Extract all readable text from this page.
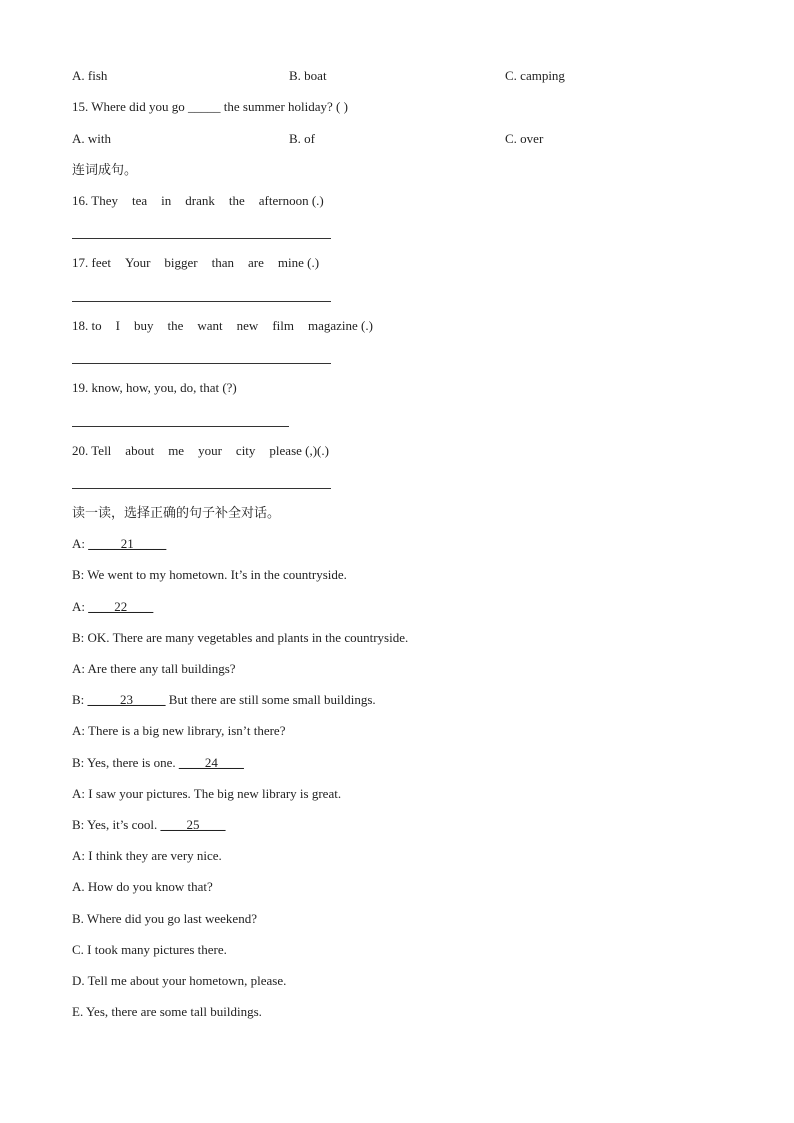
A. fish	B. boat	C. camping
15. Where did you go _____ the summer holiday? ( )
A. with	B. of	C. over
连词成句。
16. They tea in drank the afternoon (.)
17. feet Your bigger than are mine (.)
18. to I buy the want new film magazine (.)
19. know, how, you, do, that (?)
20. Tell about me your city please (,)(.)
读一读，选择正确的句子补全对话。
A: _____21_____
B: We went to my hometown. It’s in the countryside.
A: ____22____
B: OK. There are many vegetables and plants in the countryside.
A: Are there any tall buildings?
B: _____23_____ But there are still some small buildings.
A: There is a big new library, isn’t there?
B: Yes, there is one. ____24____
A: I saw your pictures. The big new library is great.
B: Yes, it’s cool. ____25____
A: I think they are very nice.
A. How do you know that?
B. Where did you go last weekend?
C. I took many pictures there.
D. Tell me about your hometown, please.
E. Yes, there are some tall buildings.
